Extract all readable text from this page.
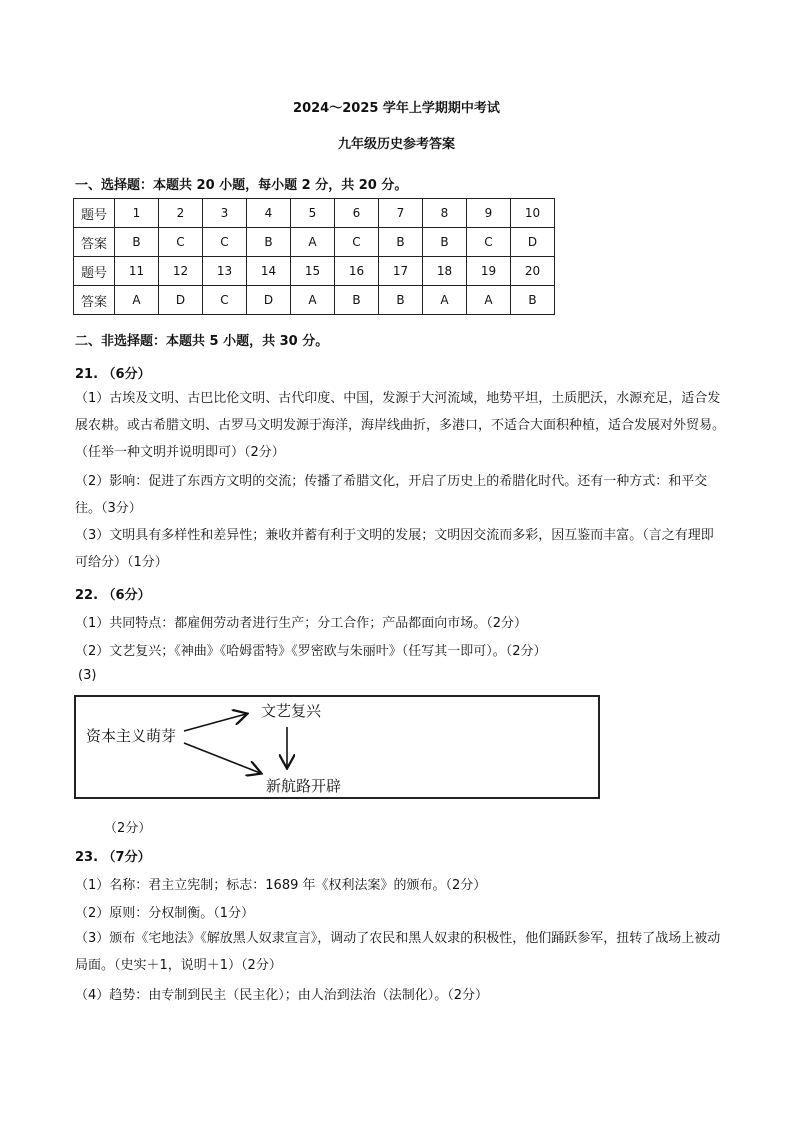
2024～2025 学年上学期期中考试
九年级历史参考答案
一、选择题：本题共 20 小题，每小题 2 分，共 20 分。
题号	1	2	3	4	5	6	7	8	9	10
答案	B	C	C	B	A	C	B	B	C	D
题号	11	12	13	14	15	16	17	18	19	20
答案	A	D	C	D	A	B	B	A	A	B
二、非选择题：本题共 5 小题，共 30 分。
21. （6分）
（1）古埃及文明、古巴比伦文明、古代印度、中国，发源于大河流域，地势平坦，土质肥沃，水源充足，适合发展农耕。或古希腊文明、古罗马文明发源于海洋，海岸线曲折，多港口，不适合大面积种植，适合发展对外贸易。（任举一种文明并说明即可）（2分）
（2）影响：促进了东西方文明的交流；传播了希腊文化，开启了历史上的希腊化时代。还有一种方式：和平交往。（3分）
（3）文明具有多样性和差异性；兼收并蓄有利于文明的发展；文明因交流而多彩，因互鉴而丰富。（言之有理即可给分）（1分）
22. （6分）
（1）共同特点：都雇佣劳动者进行生产；分工合作；产品都面向市场。（2分）
（2）文艺复兴；《神曲》《哈姆雷特》《罗密欧与朱丽叶》（任写其一即可）。（2分）
(3)
资本主义萌芽
文艺复兴
新航路开辟
（2分）
23. （7分）
（1）名称：君主立宪制；标志：1689 年《权利法案》的颁布。（2分）
（2）原则：分权制衡。（1分）
（3）颁布《宅地法》《解放黑人奴隶宣言》，调动了农民和黑人奴隶的积极性，他们踊跃参军，扭转了战场上被动局面。（史实＋1，说明＋1）（2分）
（4）趋势：由专制到民主（民主化）；由人治到法治（法制化）。（2分）
